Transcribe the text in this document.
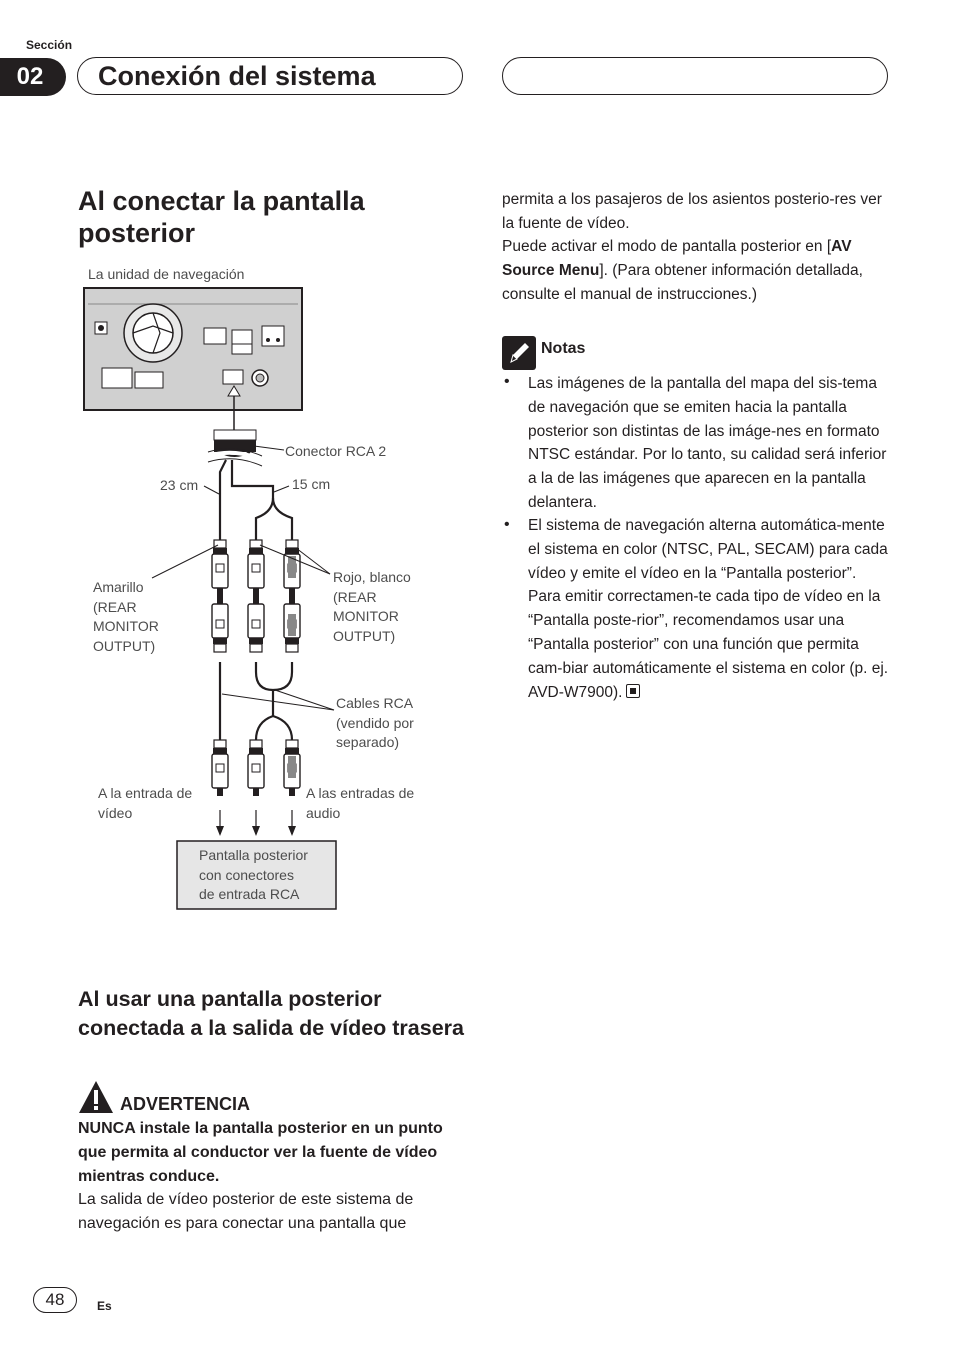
Sección
02	Conexión del sistema
Al conectar la pantalla posterior
La unidad de navegación
Conector RCA 2
23 cm	15 cm
Amarillo
(REAR
MONITOR
OUTPUT)
Rojo, blanco
(REAR
MONITOR
OUTPUT)
Cables RCA
(vendido por
separado)
A la entrada de
vídeo
A las entradas de
audio
Pantalla posterior
con conectores
de entrada RCA
Al usar una pantalla posterior conectada a la salida de vídeo trasera
ADVERTENCIA
NUNCA instale la pantalla posterior en un punto que permita al conductor ver la fuente de vídeo mientras conduce.
La salida de vídeo posterior de este sistema de navegación es para conectar una pantalla que
permita a los pasajeros de los asientos posterio-res ver la fuente de vídeo.
Puede activar el modo de pantalla posterior en [AV Source Menu]. (Para obtener información detallada, consulte el manual de instrucciones.)
Notas
• Las imágenes de la pantalla del mapa del sis-tema de navegación que se emiten hacia la pantalla posterior son distintas de las imáge-nes en formato NTSC estándar. Por lo tanto, su calidad será inferior a la de las imágenes que aparecen en la pantalla delantera.
• El sistema de navegación alterna automática-mente el sistema en color (NTSC, PAL, SECAM) para cada vídeo y emite el vídeo en la “Pantalla posterior”. Para emitir correctamen-te cada tipo de vídeo en la “Pantalla poste-rior”, recomendamos usar una “Pantalla posterior” con una función que permita cam-biar automáticamente el sistema en color (p. ej. AVD-W7900).
48	Es
